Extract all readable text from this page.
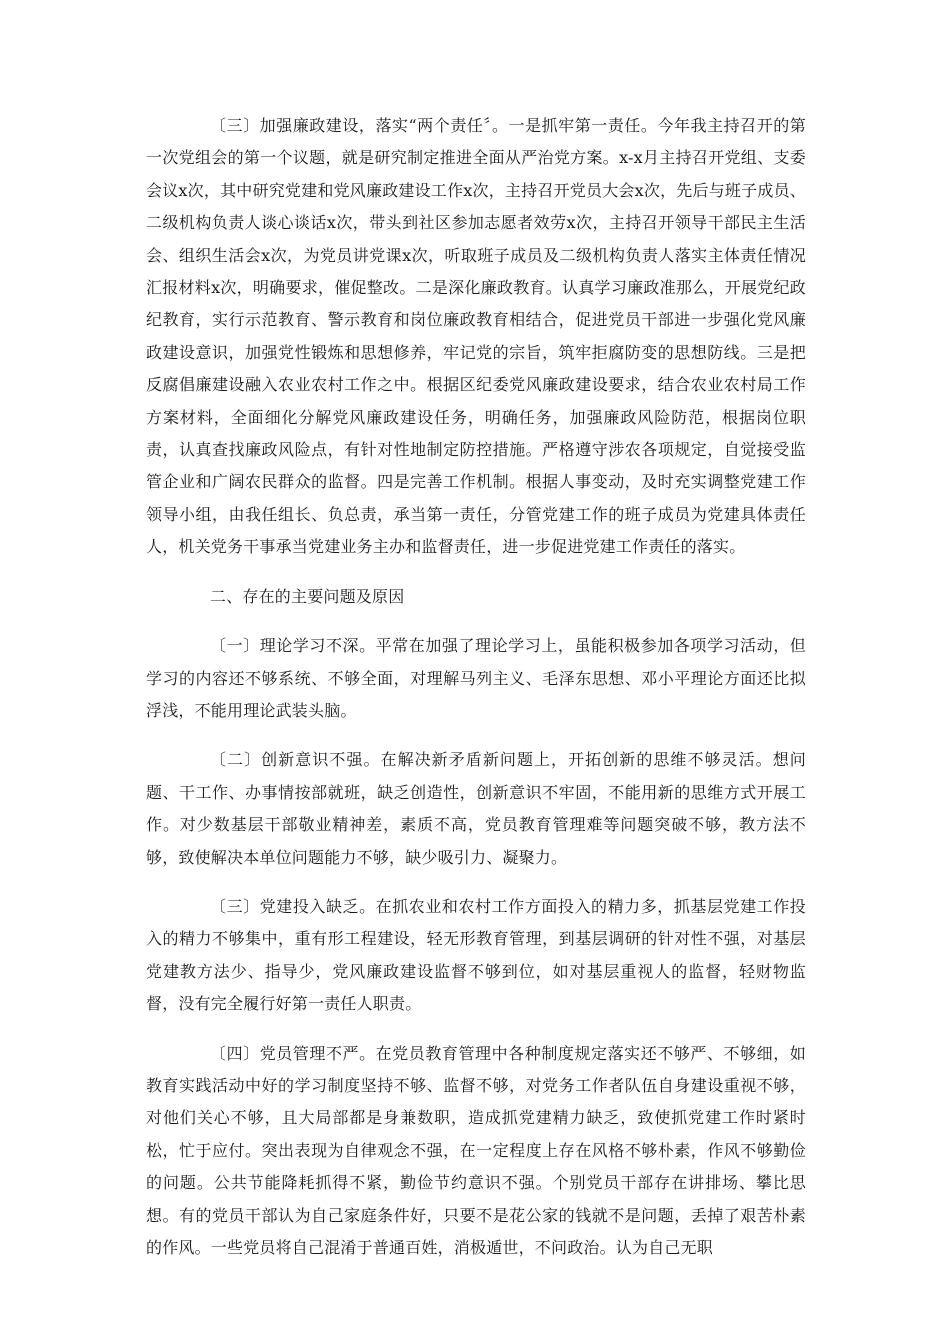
〔三〕加强廉政建设，落实“两个责任〞。一是抓牢第一责任。今年我主持召开的第一次党组会的第一个议题，就是研究制定推进全面从严治党方案。x-x月主持召开党组、支委会议x次，其中研究党建和党风廉政建设工作x次，主持召开党员大会x次，先后与班子成员、二级机构负责人谈心谈话x次，带头到社区参加志愿者效劳x次，主持召开领导干部民主生活会、组织生活会x次，为党员讲党课x次，听取班子成员及二级机构负责人落实主体责任情况汇报材料x次，明确要求，催促整改。二是深化廉政教育。认真学习廉政准那么，开展党纪政纪教育，实行示范教育、警示教育和岗位廉政教育相结合，促进党员干部进一步强化党风廉政建设意识，加强党性锻炼和思想修养，牢记党的宗旨，筑牢拒腐防变的思想防线。三是把反腐倡廉建设融入农业农村工作之中。根据区纪委党风廉政建设要求，结合农业农村局工作方案材料，全面细化分解党风廉政建设任务，明确任务，加强廉政风险防范，根据岗位职责，认真查找廉政风险点，有针对性地制定防控措施。严格遵守涉农各项规定，自觉接受监管企业和广阔农民群众的监督。四是完善工作机制。根据人事变动，及时充实调整党建工作领导小组，由我任组长、负总责，承当第一责任，分管党建工作的班子成员为党建具体责任人，机关党务干事承当党建业务主办和监督责任，进一步促进党建工作责任的落实。

二、存在的主要问题及原因

〔一〕理论学习不深。平常在加强了理论学习上，虽能积极参加各项学习活动，但学习的内容还不够系统、不够全面，对理解马列主义、毛泽东思想、邓小平理论方面还比拟浮浅，不能用理论武装头脑。

〔二〕创新意识不强。在解决新矛盾新问题上，开拓创新的思维不够灵活。想问题、干工作、办事情按部就班，缺乏创造性，创新意识不牢固，不能用新的思维方式开展工作。对少数基层干部敬业精神差，素质不高，党员教育管理难等问题突破不够，教方法不够，致使解决本单位问题能力不够，缺少吸引力、凝聚力。

〔三〕党建投入缺乏。在抓农业和农村工作方面投入的精力多，抓基层党建工作投入的精力不够集中，重有形工程建设，轻无形教育管理，到基层调研的针对性不强，对基层党建教方法少、指导少，党风廉政建设监督不够到位，如对基层重视人的监督，轻财物监督，没有完全履行好第一责任人职责。

〔四〕党员管理不严。在党员教育管理中各种制度规定落实还不够严、不够细，如教育实践活动中好的学习制度坚持不够、监督不够，对党务工作者队伍自身建设重视不够，对他们关心不够，且大局部都是身兼数职，造成抓党建精力缺乏，致使抓党建工作时紧时松，忙于应付。突出表现为自律观念不强，在一定程度上存在风格不够朴素，作风不够勤俭的问题。公共节能降耗抓得不紧，勤俭节约意识不强。个别党员干部存在讲排场、攀比思想。有的党员干部认为自己家庭条件好，只要不是花公家的钱就不是问题，丢掉了艰苦朴素的作风。一些党员将自己混淆于普通百姓，消极遁世，不问政治。认为自己无职
